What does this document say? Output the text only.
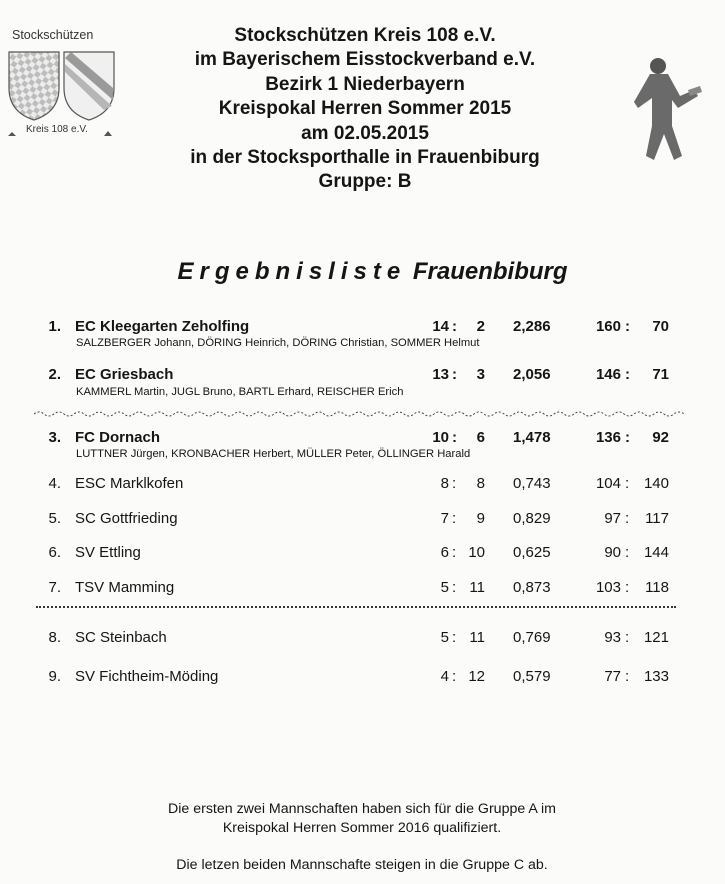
Stockschützen
Kreis 108 e.V.
Stockschützen Kreis 108 e.V.
im Bayerischem Eisstockverband e.V.
Bezirk 1 Niederbayern
Kreispokal Herren Sommer 2015
am 02.05.2015
in der Stocksporthalle in Frauenbiburg
Gruppe: B
Ergebnisliste Frauenbiburg
1. EC Kleegarten Zeholfing	14 : 2 2,286	160 : 70
SALZBERGER Johann, DÖRING Heinrich, DÖRING Christian, SOMMER Helmut
2. EC Griesbach	13 : 3 2,056	146 : 71
KAMMERL Martin, JUGL Bruno, BARTL Erhard, REISCHER Erich
3. FC Dornach	10 : 6 1,478	136 : 92
LUTTNER Jürgen, KRONBACHER Herbert, MÜLLER Peter, ÖLLINGER Harald
4. ESC Marklkofen	8 : 8 0,743	104 : 140
5. SC Gottfrieding	7 : 9 0,829	97 : 117
6. SV Ettling	6 : 10 0,625	90 : 144
7. TSV Mamming	5 : 11 0,873	103 : 118
8. SC Steinbach	5 : 11 0,769	93 : 121
9. SV Fichtheim-Möding	4 : 12 0,579	77 : 133

Die ersten zwei Mannschaften haben sich für die Gruppe A im

Kreispokal Herren Sommer 2016 qualifiziert.

Die letzen beiden Mannschafte steigen in die Gruppe C ab.
